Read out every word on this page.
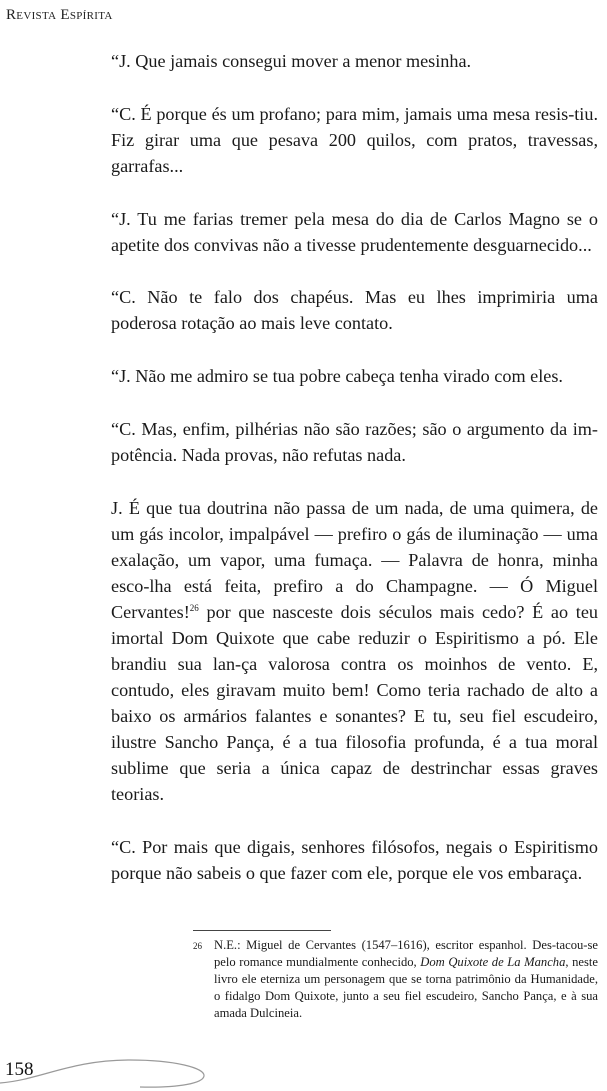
Revista Espírita

“J. Que jamais consegui mover a menor mesinha.

“C. É porque és um profano; para mim, jamais uma mesa resis-tiu. Fiz girar uma que pesava 200 quilos, com pratos, travessas, garrafas...

“J. Tu me farias tremer pela mesa do dia de Carlos Magno se o apetite dos convivas não a tivesse prudentemente desguarnecido...

“C. Não te falo dos chapéus. Mas eu lhes imprimiria uma poderosa rotação ao mais leve contato.

“J. Não me admiro se tua pobre cabeça tenha virado com eles.

“C. Mas, enfim, pilhérias não são razões; são o argumento da im-potência. Nada provas, não refutas nada.

J. É que tua doutrina não passa de um nada, de uma quimera, de um gás incolor, impalpável — prefiro o gás de iluminação — uma exalação, um vapor, uma fumaça. — Palavra de honra, minha esco-lha está feita, prefiro a do Champagne. — Ó Miguel Cervantes!$^{26}$ por que nasceste dois séculos mais cedo? É ao teu imortal Dom Quixote que cabe reduzir o Espiritismo a pó. Ele brandiu sua lan-ça valorosa contra os moinhos de vento. E, contudo, eles giravam muito bem! Como teria rachado de alto a baixo os armários falantes e sonantes? E tu, seu fiel escudeiro, ilustre Sancho Pança, é a tua filosofia profunda, é a tua moral sublime que seria a única capaz de destrinchar essas graves teorias.

“C. Por mais que digais, senhores filósofos, negais o Espiritismo porque não sabeis o que fazer com ele, porque ele vos embaraça.

26 N.E.: Miguel de Cervantes (1547–1616), escritor espanhol. Des-tacou-se pelo romance mundialmente conhecido, Dom Quixote de La Mancha, neste livro ele eterniza um personagem que se torna patrimônio da Humanidade, o fidalgo Dom Quixote, junto a seu fiel escudeiro, Sancho Pança, e à sua amada Dulcineia.
158
